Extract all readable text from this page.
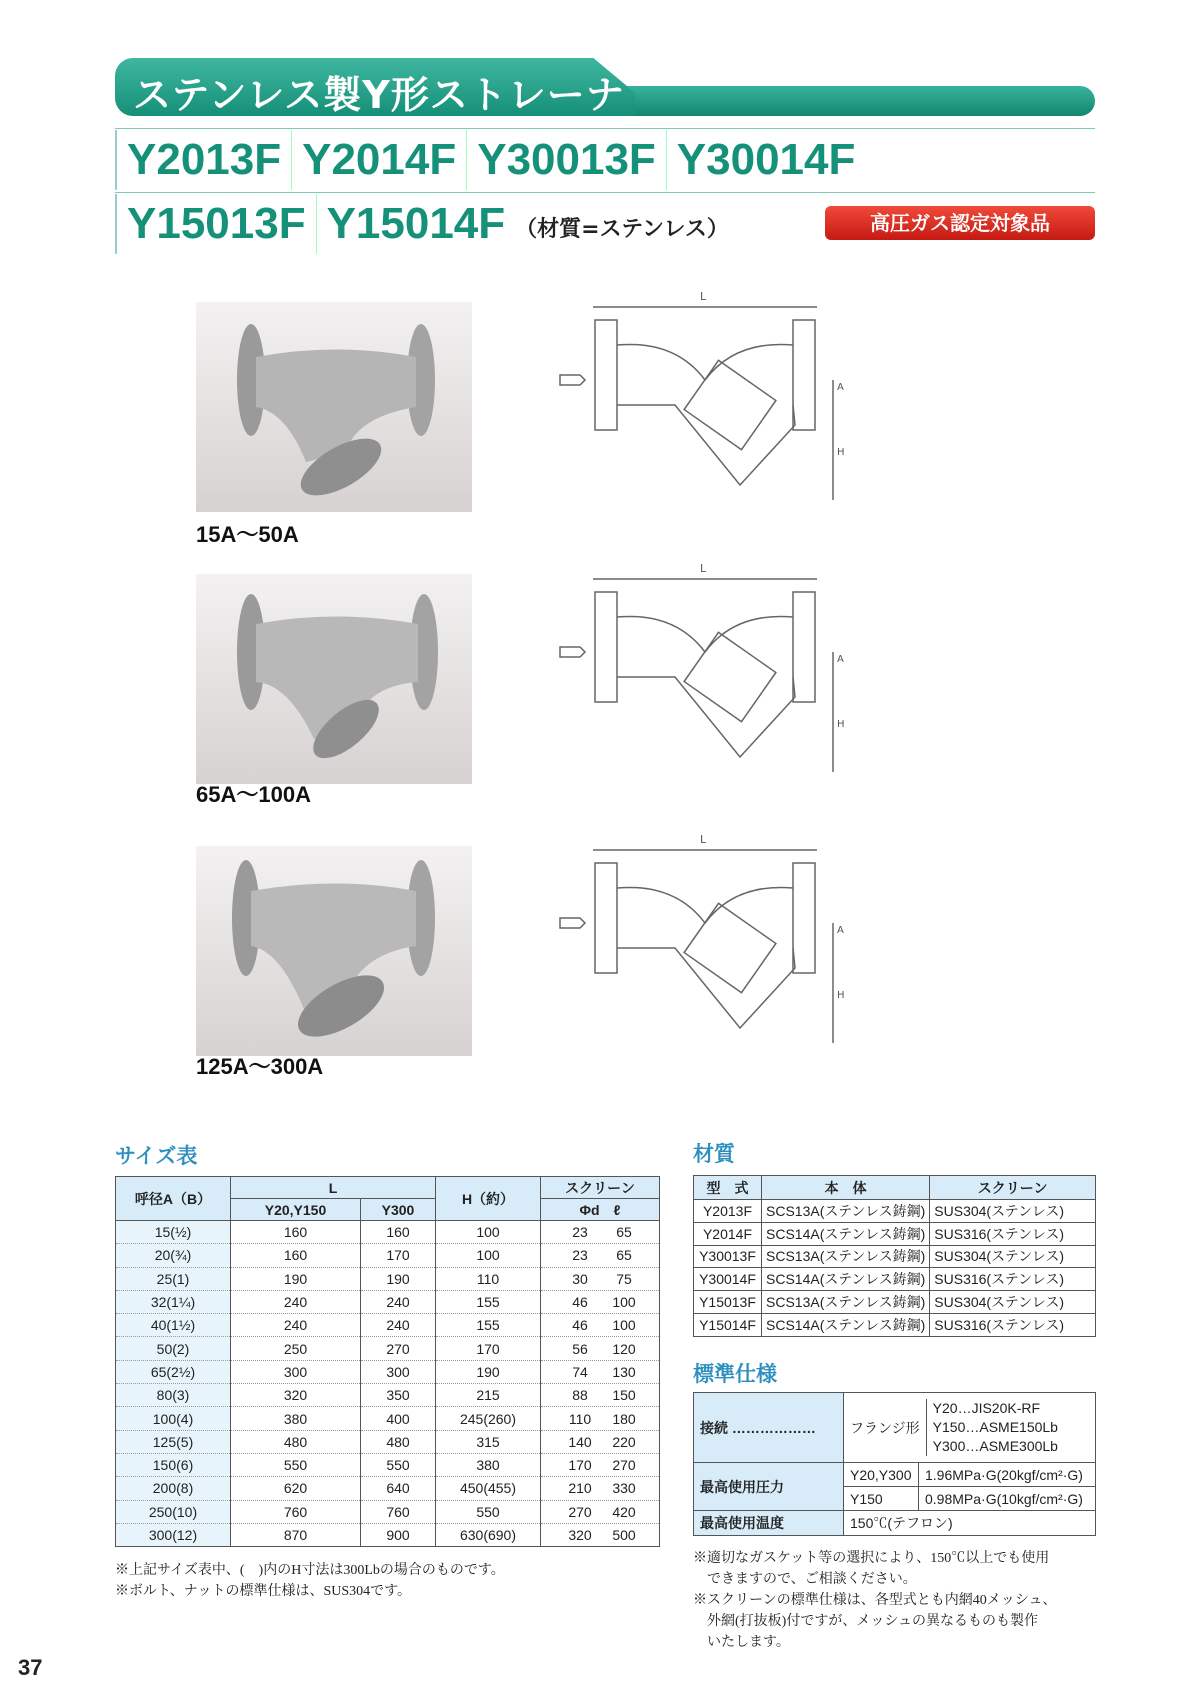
ステンレス製Y形ストレーナ
Y2013F Y2014F Y30013F Y30014F
Y15013F Y15014F （材質=ステンレス）	高圧ガス認定対象品
15A～50A
65A～100A
125A～300A
L
A
H
L
A
H
L
A
H
サイズ表
呼径A（B）	L		H（約）	スクリーン
	Y20,Y150	Y300		Φd　ℓ
15(½)	160	160	100	23 65
20(¾)	160	170	100	23 65
25(1)	190	190	110	30 75
32(1¼)	240	240	155	46 100
40(1½)	240	240	155	46 100
50(2)	250	270	170	56 120
65(2½)	300	300	190	74 130
80(3)	320	350	215	88 150
100(4)	380	400	245(260)	110 180
125(5)	480	480	315	140 220
150(6)	550	550	380	170 270
200(8)	620	640	450(455)	210 330
250(10)	760	760	550	270 420
300(12)	870	900	630(690)	320 500
※上記サイズ表中、(　)内のH寸法は300Lbの場合のものです。
※ボルト、ナットの標準仕様は、SUS304です。
材質
型　式	本　体	スクリーン
Y2013F	SCS13A(ステンレス鋳鋼)	SUS304(ステンレス)
Y2014F	SCS14A(ステンレス鋳鋼)	SUS316(ステンレス)
Y30013F	SCS13A(ステンレス鋳鋼)	SUS304(ステンレス)
Y30014F	SCS14A(ステンレス鋳鋼)	SUS316(ステンレス)
Y15013F	SCS13A(ステンレス鋳鋼)	SUS304(ステンレス)
Y15014F	SCS14A(ステンレス鋳鋼)	SUS316(ステンレス)
標準仕様
接続 ………………	フランジ形
Y20…JIS20K-RF
Y150…ASME150Lb
Y300…ASME300Lb	

最高使用圧力	Y20,Y300	1.96MPa·G(20kgf/cm²·G)
	Y150	0.98MPa·G(10kgf/cm²·G)
最高使用温度	150℃(テフロン)	
※適切なガスケット等の選択により、150℃以上でも使用
　できますので、ご相談ください。
※スクリーンの標準仕様は、各型式とも内網40メッシュ、
　外網(打抜板)付ですが、メッシュの異なるものも製作
　いたします。
37
